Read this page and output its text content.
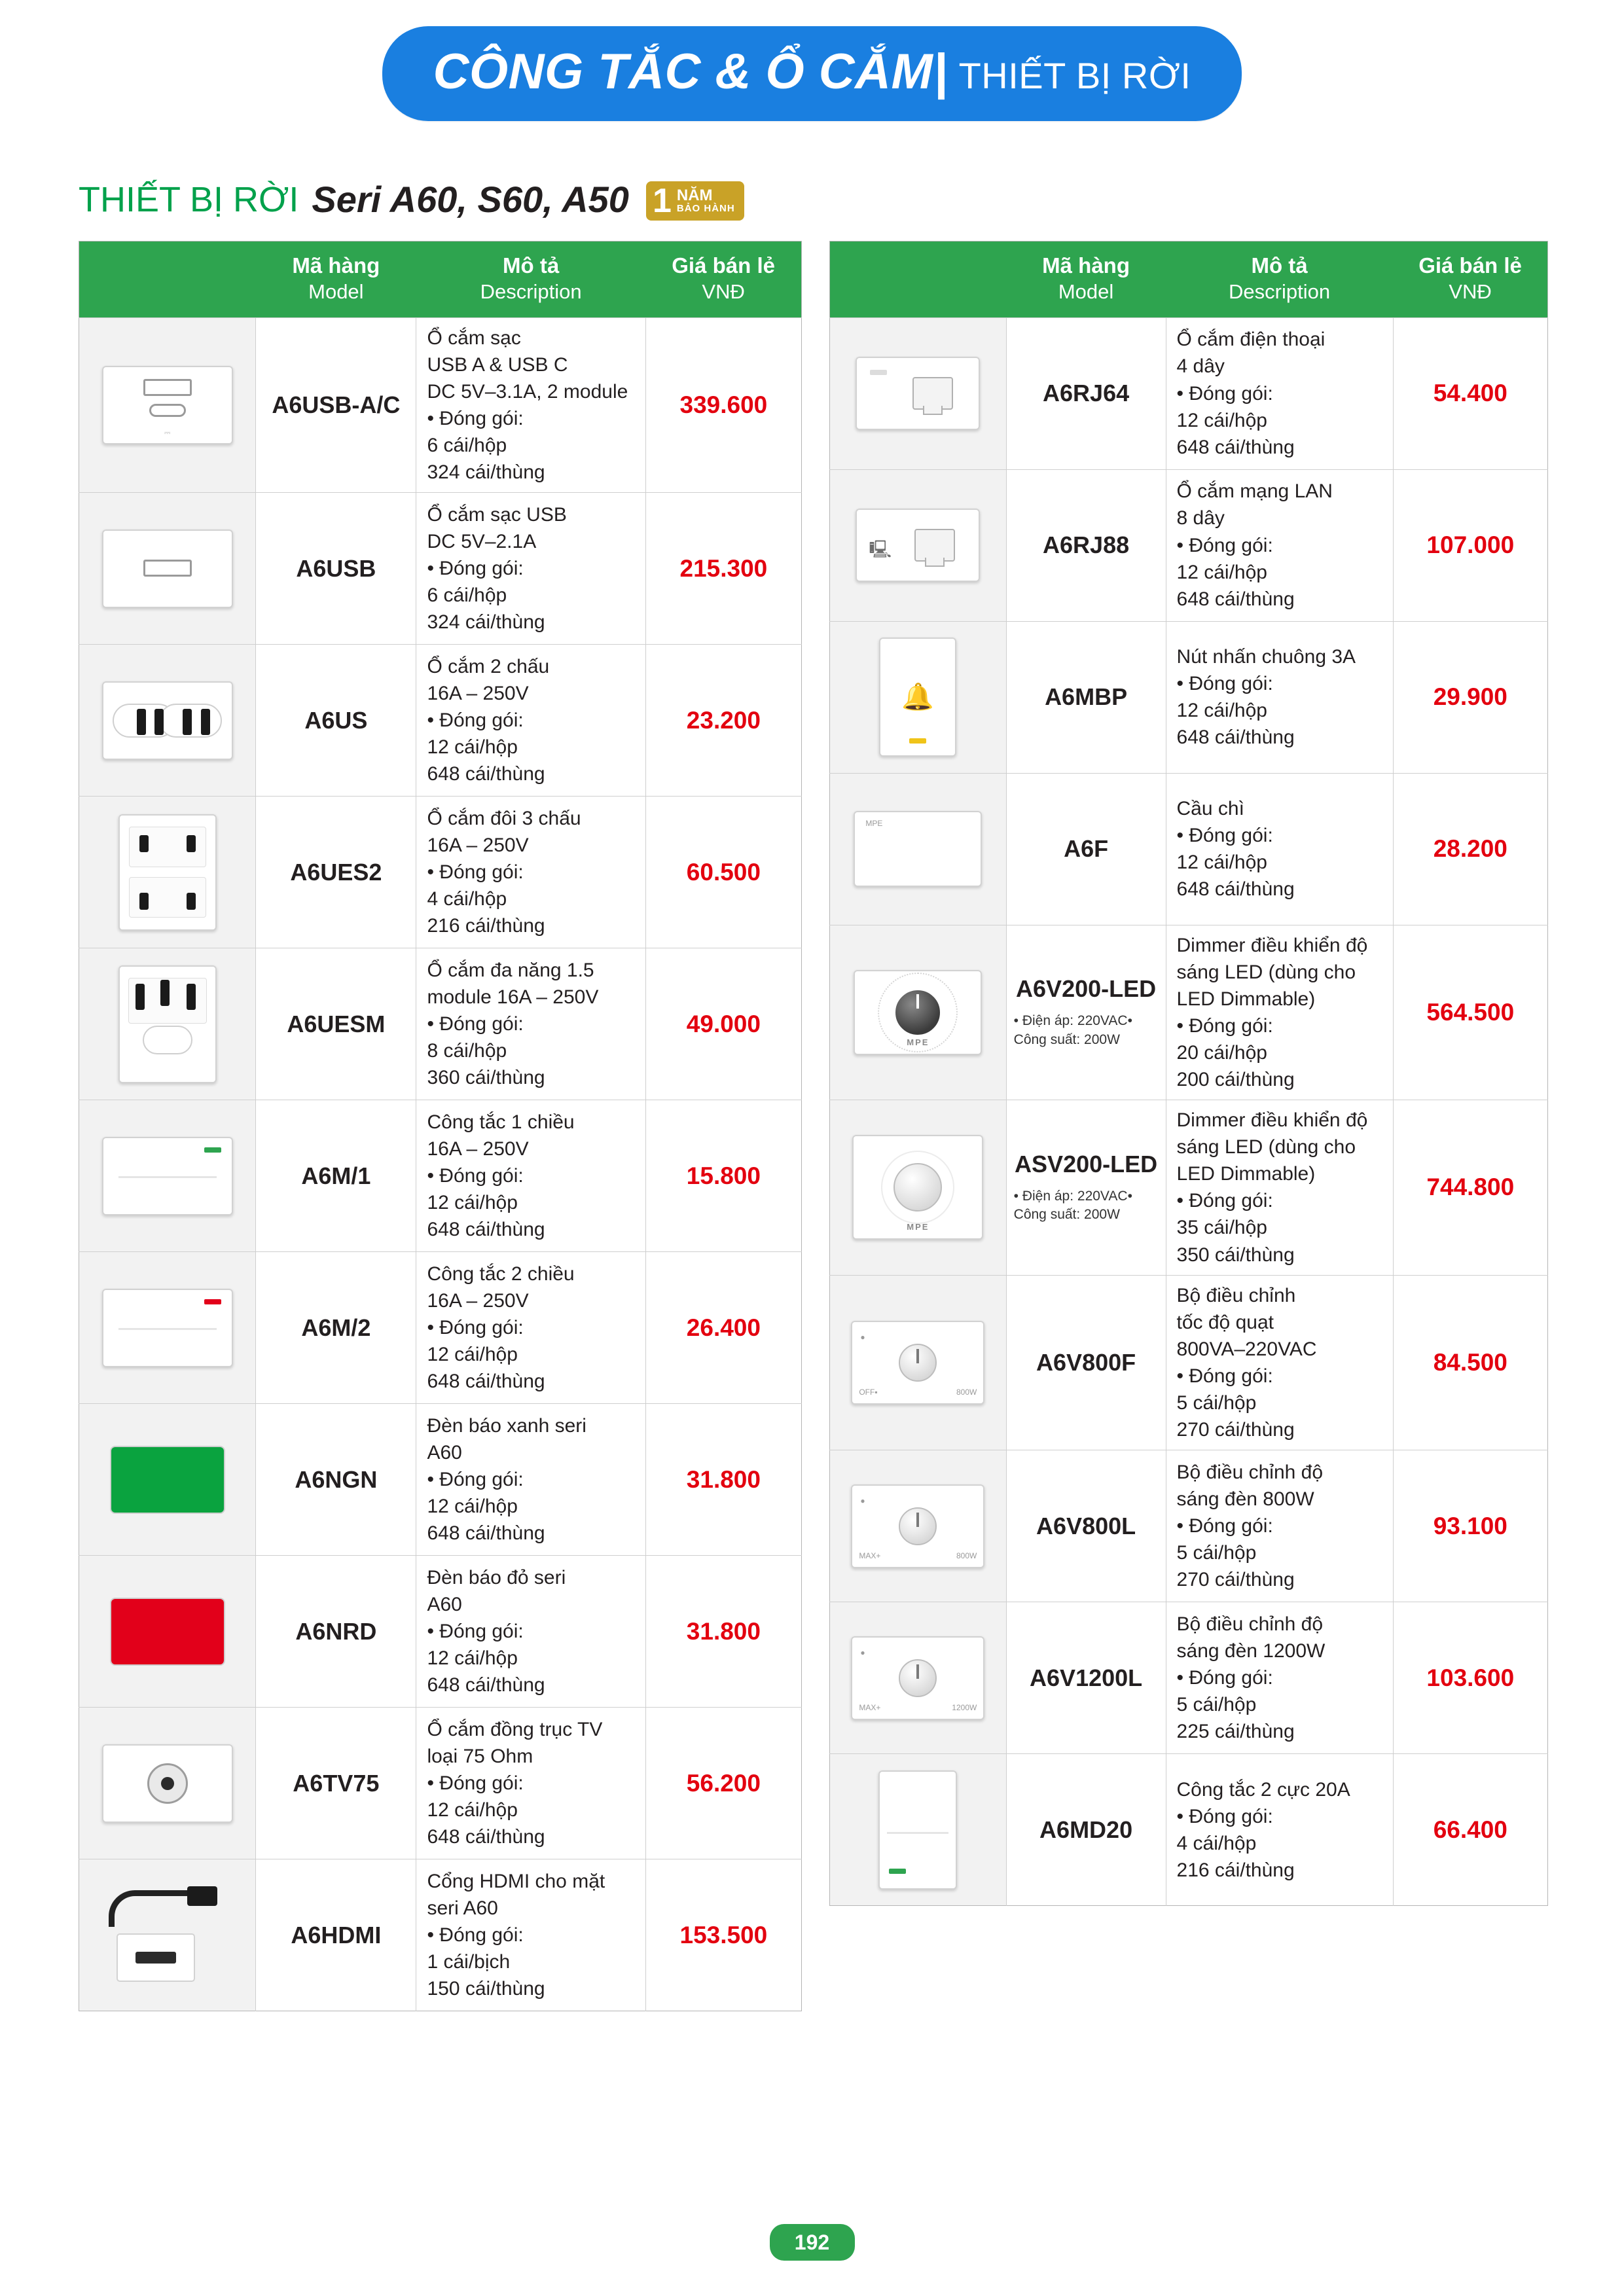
CÔNG TẮC & Ổ CẮM | THIẾT BỊ RỜI
THIẾT BỊ RỜI Seri A60, S60, A50 1 NĂM
BẢO HÀNH

Mã hàng
Model

Mô tả
Description

Giá bán lẻ
VNĐ

⎓

A6USB-A/C

Ổ cắm sạc
USB A & USB C
DC 5V–3.1A, 2 module
• Đóng gói:
6 cái/hộp
324 cái/thùng
	339.600

	A6USB	Ổ cắm sạc USB
DC 5V–2.1A
• Đóng gói:
6 cái/hộp
324 cái/thùng	215.300

	A6US	Ổ cắm 2 chấu
16A – 250V
• Đóng gói:
12 cái/hộp
648 cái/thùng	23.200

	A6UES2	Ổ cắm đôi 3 chấu
16A – 250V
• Đóng gói:
4 cái/hộp
216 cái/thùng	60.500

	A6UESM	Ổ cắm đa năng 1.5
module 16A – 250V
• Đóng gói:
8 cái/hộp
360 cái/thùng	49.000

	A6M/1	Công tắc 1 chiều
16A – 250V
• Đóng gói:
12 cái/hộp
648 cái/thùng	15.800

	A6M/2	Công tắc 2 chiều
16A – 250V
• Đóng gói:
12 cái/hộp
648 cái/thùng	26.400

	A6NGN	Đèn báo xanh seri
A60
• Đóng gói:
12 cái/hộp
648 cái/thùng	31.800

	A6NRD	Đèn báo đỏ seri
A60
• Đóng gói:
12 cái/hộp
648 cái/thùng	31.800

	A6TV75	Ổ cắm đồng trục TV
loại 75 Ohm
• Đóng gói:
12 cái/hộp
648 cái/thùng	56.200

	A6HDMI	Cổng HDMI cho mặt
seri A60
• Đóng gói:
1 cái/bịch
150 cái/thùng	153.500

Mã hàng
Model

Mô tả
Description

Giá bán lẻ
VNĐ

	A6RJ64	Ổ cắm điện thoại
4 dây
• Đóng gói:
12 cái/hộp
648 cái/thùng	54.400

🖳	A6RJ88	Ổ cắm mạng LAN
8 dây
• Đóng gói:
12 cái/hộp
648 cái/thùng	107.000

🔔	A6MBP	Nút nhấn chuông 3A
• Đóng gói:
12 cái/hộp
648 cái/thùng	29.900

MPE	A6F	Cầu chì
• Đóng gói:
12 cái/hộp
648 cái/thùng	28.200

MPE

A6V200-LED
• Điện áp: 220VAC• Công suất: 200W

Dimmer điều khiển độ
sáng LED (dùng cho
LED Dimmable)
• Đóng gói:
20 cái/hộp
200 cái/thùng
	564.500

MPE

ASV200-LED
• Điện áp: 220VAC• Công suất: 200W

Dimmer điều khiển độ
sáng LED (dùng cho
LED Dimmable)
• Đóng gói:
35 cái/hộp
350 cái/thùng
	744.800

●
OFF▪	800W

A6V800F

Bộ điều chỉnh
tốc độ quạt
800VA–220VAC
• Đóng gói:
5 cái/hộp
270 cái/thùng
	84.500

●
MAX+	800W

A6V800L

Bộ điều chỉnh độ
sáng đèn 800W
• Đóng gói:
5 cái/hộp
270 cái/thùng
	93.100

●
MAX+	1200W

A6V1200L

Bộ điều chỉnh độ
sáng đèn 1200W
• Đóng gói:
5 cái/hộp
225 cái/thùng
	103.600

	A6MD20	Công tắc 2 cực 20A
• Đóng gói:
4 cái/hộp
216 cái/thùng	66.400
192
